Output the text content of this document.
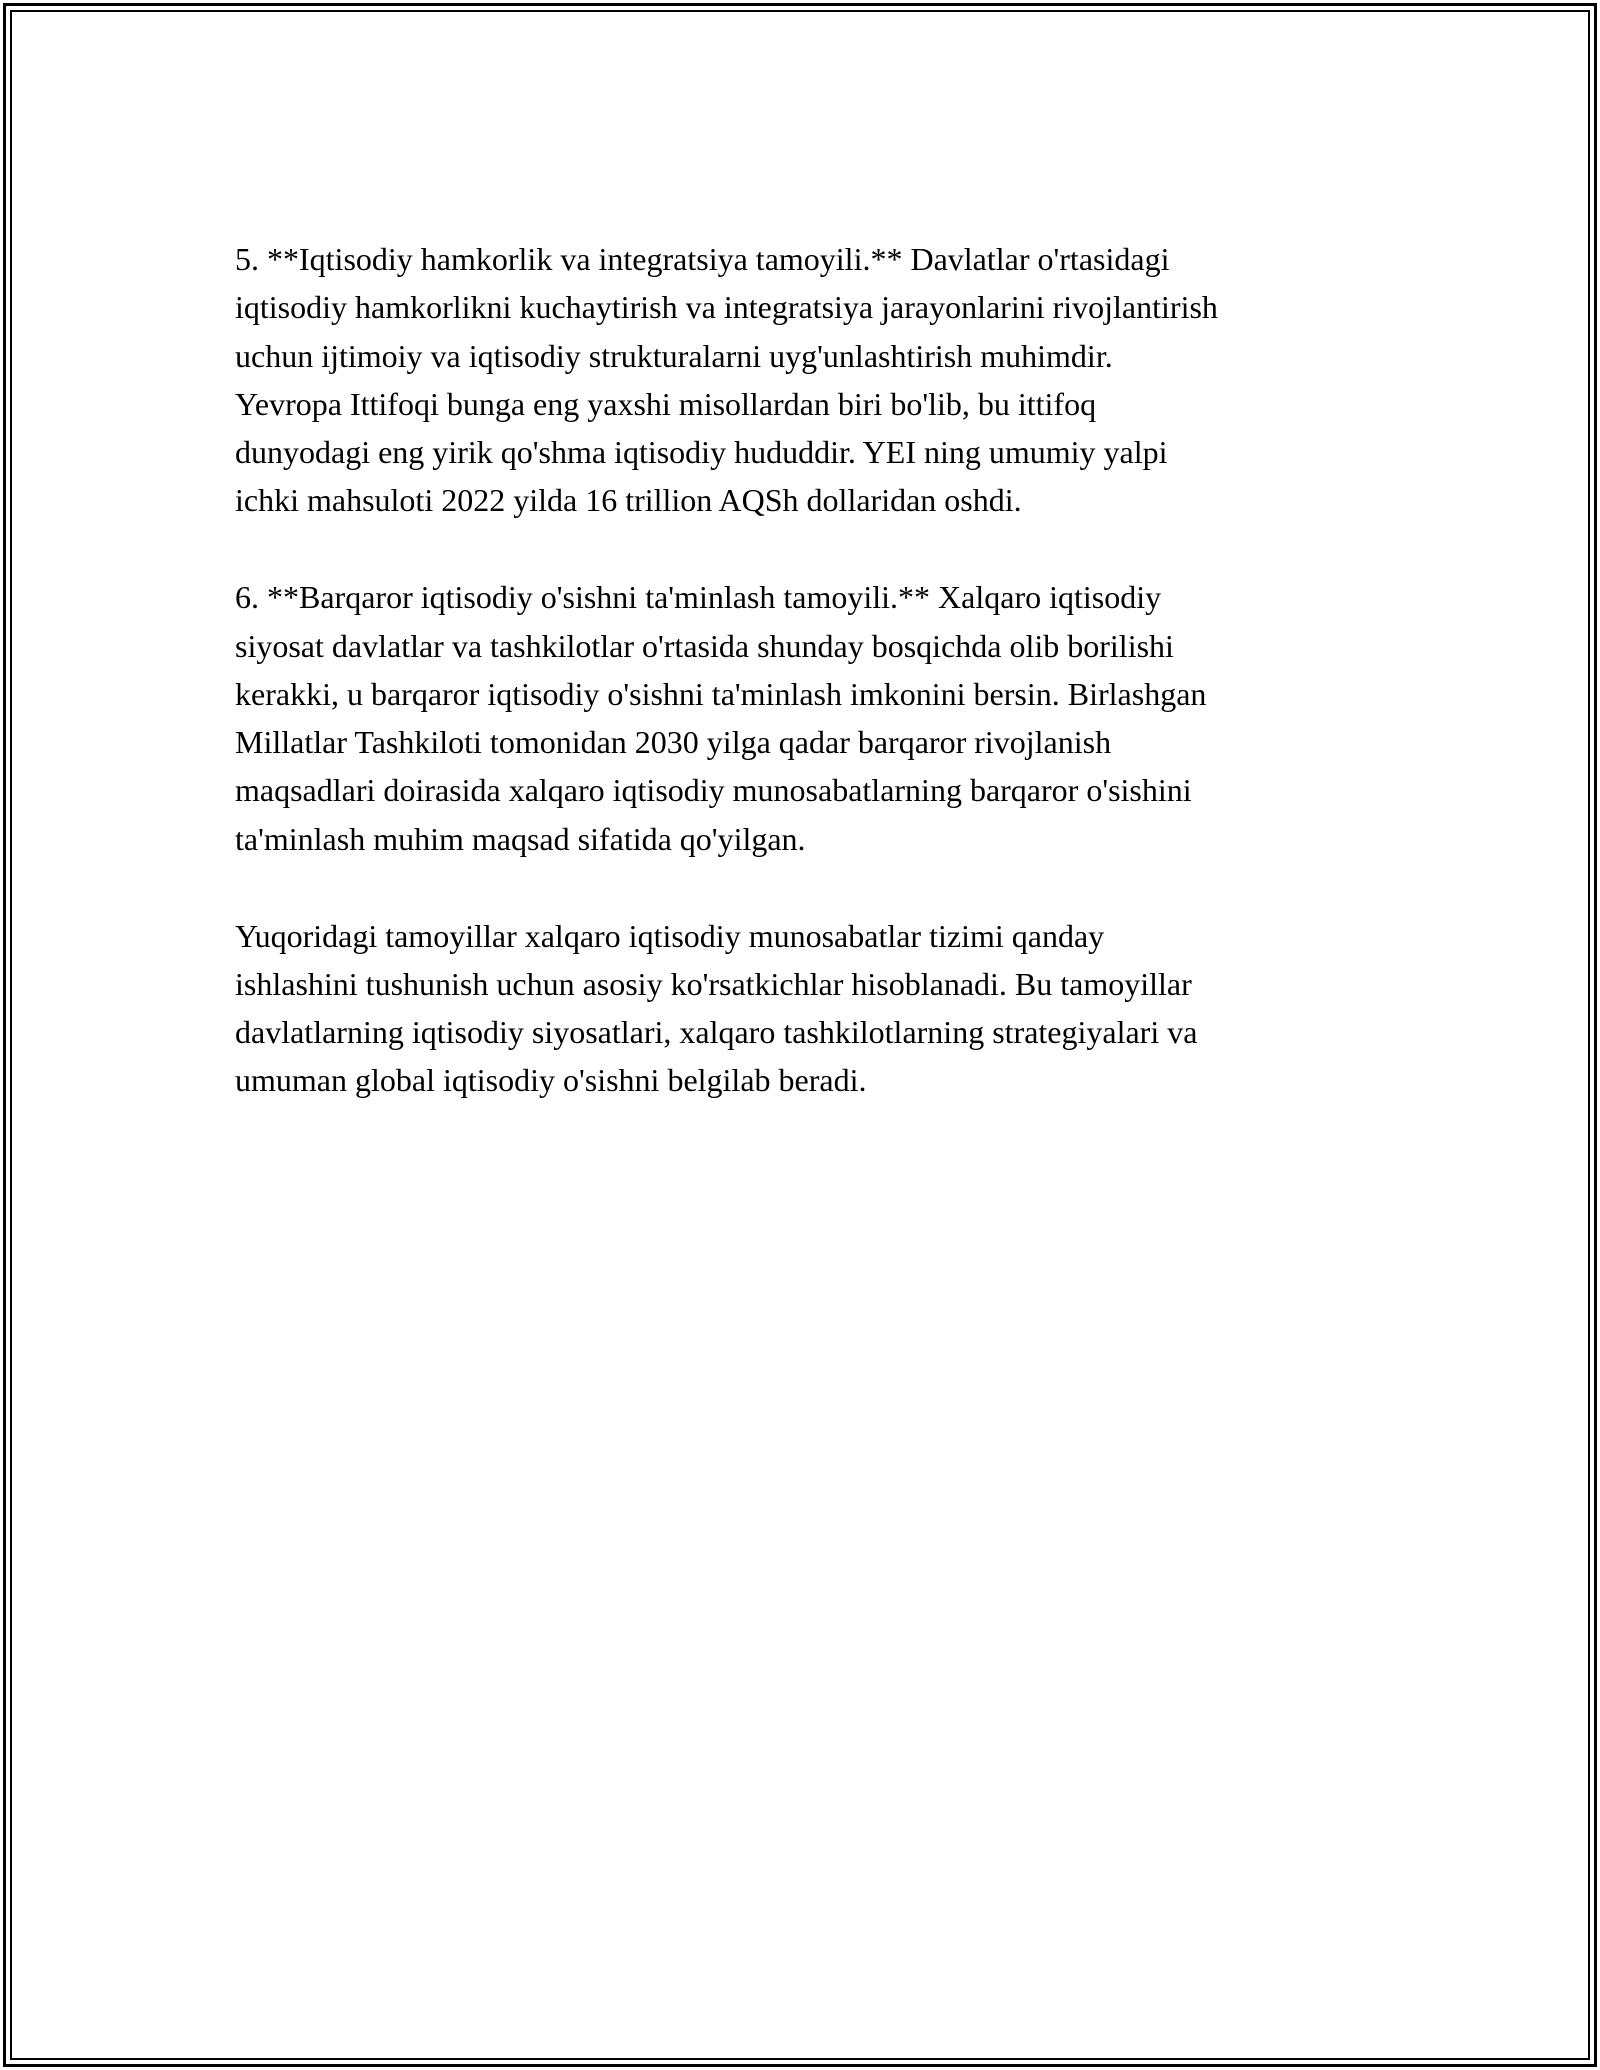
5. **Iqtisodiy hamkorlik va integratsiya tamoyili.** Davlatlar o'rtasidagi
iqtisodiy hamkorlikni kuchaytirish va integratsiya jarayonlarini rivojlantirish
uchun ijtimoiy va iqtisodiy strukturalarni uyg'unlashtirish muhimdir.
Yevropa Ittifoqi bunga eng yaxshi misollardan biri bo'lib, bu ittifoq
dunyodagi eng yirik qo'shma iqtisodiy hududdir. YEI ning umumiy yalpi
ichki mahsuloti 2022 yilda 16 trillion AQSh dollaridan oshdi.

6. **Barqaror iqtisodiy o'sishni ta'minlash tamoyili.** Xalqaro iqtisodiy
siyosat davlatlar va tashkilotlar o'rtasida shunday bosqichda olib borilishi
kerakki, u barqaror iqtisodiy o'sishni ta'minlash imkonini bersin. Birlashgan
Millatlar Tashkiloti tomonidan 2030 yilga qadar barqaror rivojlanish
maqsadlari doirasida xalqaro iqtisodiy munosabatlarning barqaror o'sishini
ta'minlash muhim maqsad sifatida qo'yilgan.

Yuqoridagi tamoyillar xalqaro iqtisodiy munosabatlar tizimi qanday
ishlashini tushunish uchun asosiy ko'rsatkichlar hisoblanadi. Bu tamoyillar
davlatlarning iqtisodiy siyosatlari, xalqaro tashkilotlarning strategiyalari va
umuman global iqtisodiy o'sishni belgilab beradi.
